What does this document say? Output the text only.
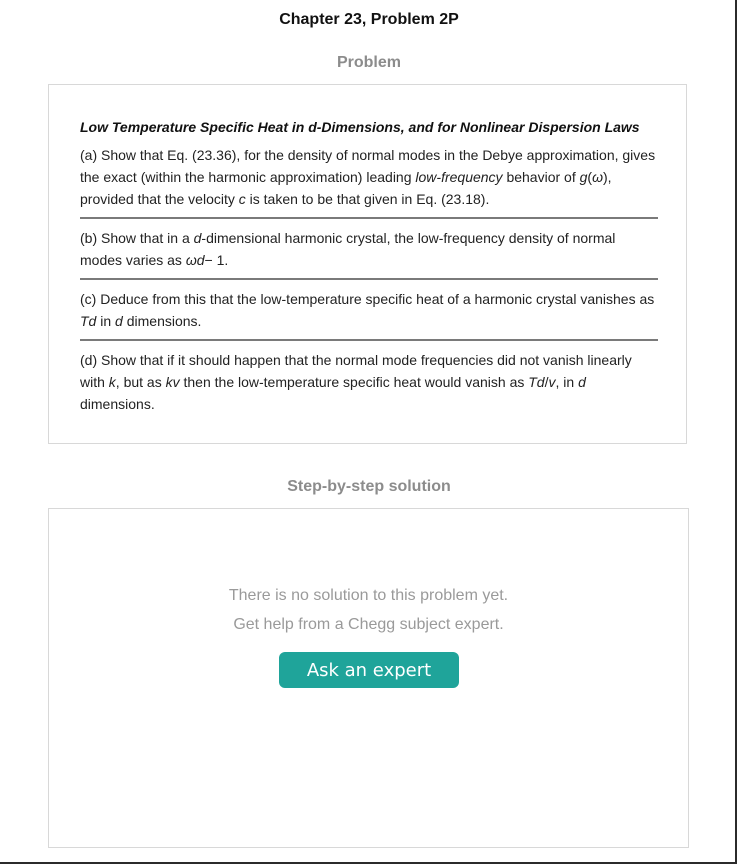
Chapter 23, Problem 2P
Problem
Low Temperature Specific Heat in d-Dimensions, and for Nonlinear Dispersion Laws
(a) Show that Eq. (23.36), for the density of normal modes in the Debye approximation, gives the exact (within the harmonic approximation) leading low-frequency behavior of g(ω), provided that the velocity c is taken to be that given in Eq. (23.18).
(b) Show that in a d-dimensional harmonic crystal, the low-frequency density of normal modes varies as ωd− 1.
(c) Deduce from this that the low-temperature specific heat of a harmonic crystal vanishes as Td in d dimensions.
(d) Show that if it should happen that the normal mode frequencies did not vanish linearly with k, but as kv then the low-temperature specific heat would vanish as Td/v, in d dimensions.
Step-by-step solution
There is no solution to this problem yet.
Get help from a Chegg subject expert.
Ask an expert
